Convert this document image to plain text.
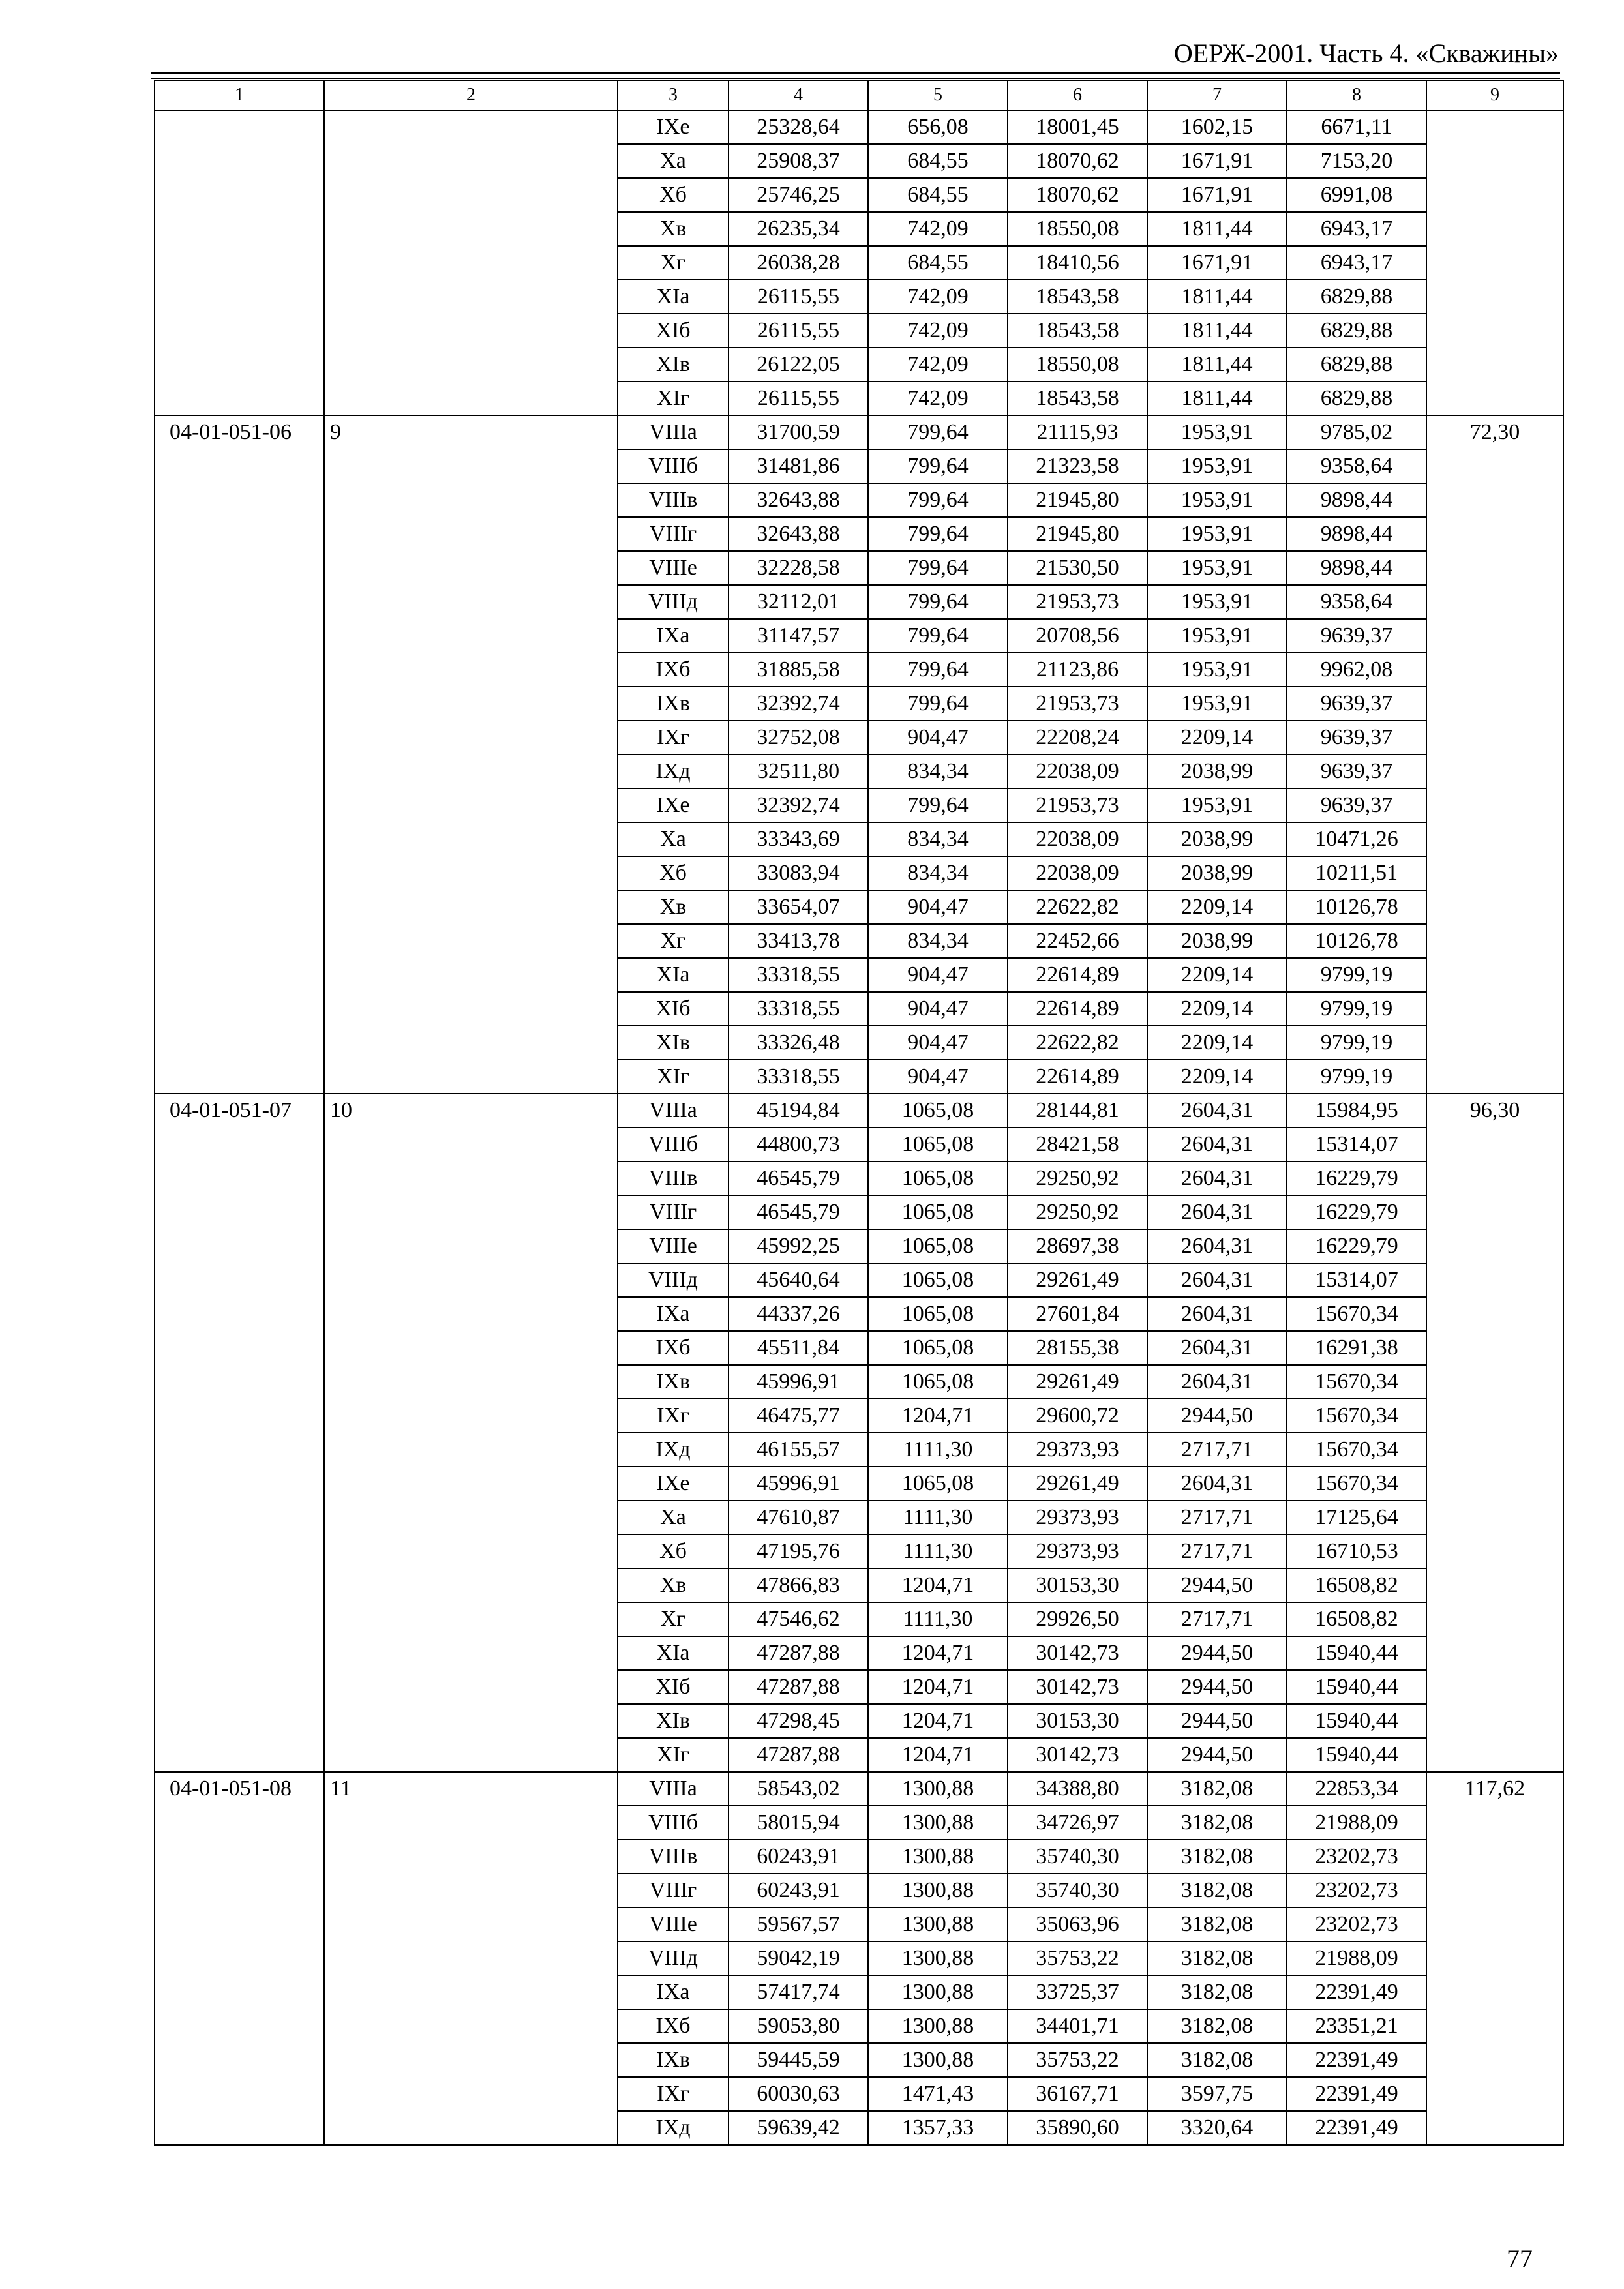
ОЕРЖ-2001. Часть 4. «Скважины»
1	2	3	4	5	6	7	8	9
		IXе	25328,64	656,08	18001,45	1602,15	6671,11	
		Xа	25908,37	684,55	18070,62	1671,91	7153,20	
		Xб	25746,25	684,55	18070,62	1671,91	6991,08	
		Xв	26235,34	742,09	18550,08	1811,44	6943,17	
		Xг	26038,28	684,55	18410,56	1671,91	6943,17	
		XIа	26115,55	742,09	18543,58	1811,44	6829,88	
		XIб	26115,55	742,09	18543,58	1811,44	6829,88	
		XIв	26122,05	742,09	18550,08	1811,44	6829,88	
		XIг	26115,55	742,09	18543,58	1811,44	6829,88	
04-01-051-06	9	VIIIа	31700,59	799,64	21115,93	1953,91	9785,02	72,30
		VIIIб	31481,86	799,64	21323,58	1953,91	9358,64	
		VIIIв	32643,88	799,64	21945,80	1953,91	9898,44	
		VIIIг	32643,88	799,64	21945,80	1953,91	9898,44	
		VIIIе	32228,58	799,64	21530,50	1953,91	9898,44	
		VIIIд	32112,01	799,64	21953,73	1953,91	9358,64	
		IXа	31147,57	799,64	20708,56	1953,91	9639,37	
		IXб	31885,58	799,64	21123,86	1953,91	9962,08	
		IXв	32392,74	799,64	21953,73	1953,91	9639,37	
		IXг	32752,08	904,47	22208,24	2209,14	9639,37	
		IXд	32511,80	834,34	22038,09	2038,99	9639,37	
		IXе	32392,74	799,64	21953,73	1953,91	9639,37	
		Xа	33343,69	834,34	22038,09	2038,99	10471,26	
		Xб	33083,94	834,34	22038,09	2038,99	10211,51	
		Xв	33654,07	904,47	22622,82	2209,14	10126,78	
		Xг	33413,78	834,34	22452,66	2038,99	10126,78	
		XIа	33318,55	904,47	22614,89	2209,14	9799,19	
		XIб	33318,55	904,47	22614,89	2209,14	9799,19	
		XIв	33326,48	904,47	22622,82	2209,14	9799,19	
		XIг	33318,55	904,47	22614,89	2209,14	9799,19	
04-01-051-07	10	VIIIа	45194,84	1065,08	28144,81	2604,31	15984,95	96,30
		VIIIб	44800,73	1065,08	28421,58	2604,31	15314,07	
		VIIIв	46545,79	1065,08	29250,92	2604,31	16229,79	
		VIIIг	46545,79	1065,08	29250,92	2604,31	16229,79	
		VIIIе	45992,25	1065,08	28697,38	2604,31	16229,79	
		VIIIд	45640,64	1065,08	29261,49	2604,31	15314,07	
		IXа	44337,26	1065,08	27601,84	2604,31	15670,34	
		IXб	45511,84	1065,08	28155,38	2604,31	16291,38	
		IXв	45996,91	1065,08	29261,49	2604,31	15670,34	
		IXг	46475,77	1204,71	29600,72	2944,50	15670,34	
		IXд	46155,57	1111,30	29373,93	2717,71	15670,34	
		IXе	45996,91	1065,08	29261,49	2604,31	15670,34	
		Xа	47610,87	1111,30	29373,93	2717,71	17125,64	
		Xб	47195,76	1111,30	29373,93	2717,71	16710,53	
		Xв	47866,83	1204,71	30153,30	2944,50	16508,82	
		Xг	47546,62	1111,30	29926,50	2717,71	16508,82	
		XIа	47287,88	1204,71	30142,73	2944,50	15940,44	
		XIб	47287,88	1204,71	30142,73	2944,50	15940,44	
		XIв	47298,45	1204,71	30153,30	2944,50	15940,44	
		XIг	47287,88	1204,71	30142,73	2944,50	15940,44	
04-01-051-08	11	VIIIа	58543,02	1300,88	34388,80	3182,08	22853,34	117,62
		VIIIб	58015,94	1300,88	34726,97	3182,08	21988,09	
		VIIIв	60243,91	1300,88	35740,30	3182,08	23202,73	
		VIIIг	60243,91	1300,88	35740,30	3182,08	23202,73	
		VIIIе	59567,57	1300,88	35063,96	3182,08	23202,73	
		VIIIд	59042,19	1300,88	35753,22	3182,08	21988,09	
		IXа	57417,74	1300,88	33725,37	3182,08	22391,49	
		IXб	59053,80	1300,88	34401,71	3182,08	23351,21	
		IXв	59445,59	1300,88	35753,22	3182,08	22391,49	
		IXг	60030,63	1471,43	36167,71	3597,75	22391,49	
		IXд	59639,42	1357,33	35890,60	3320,64	22391,49	
77
